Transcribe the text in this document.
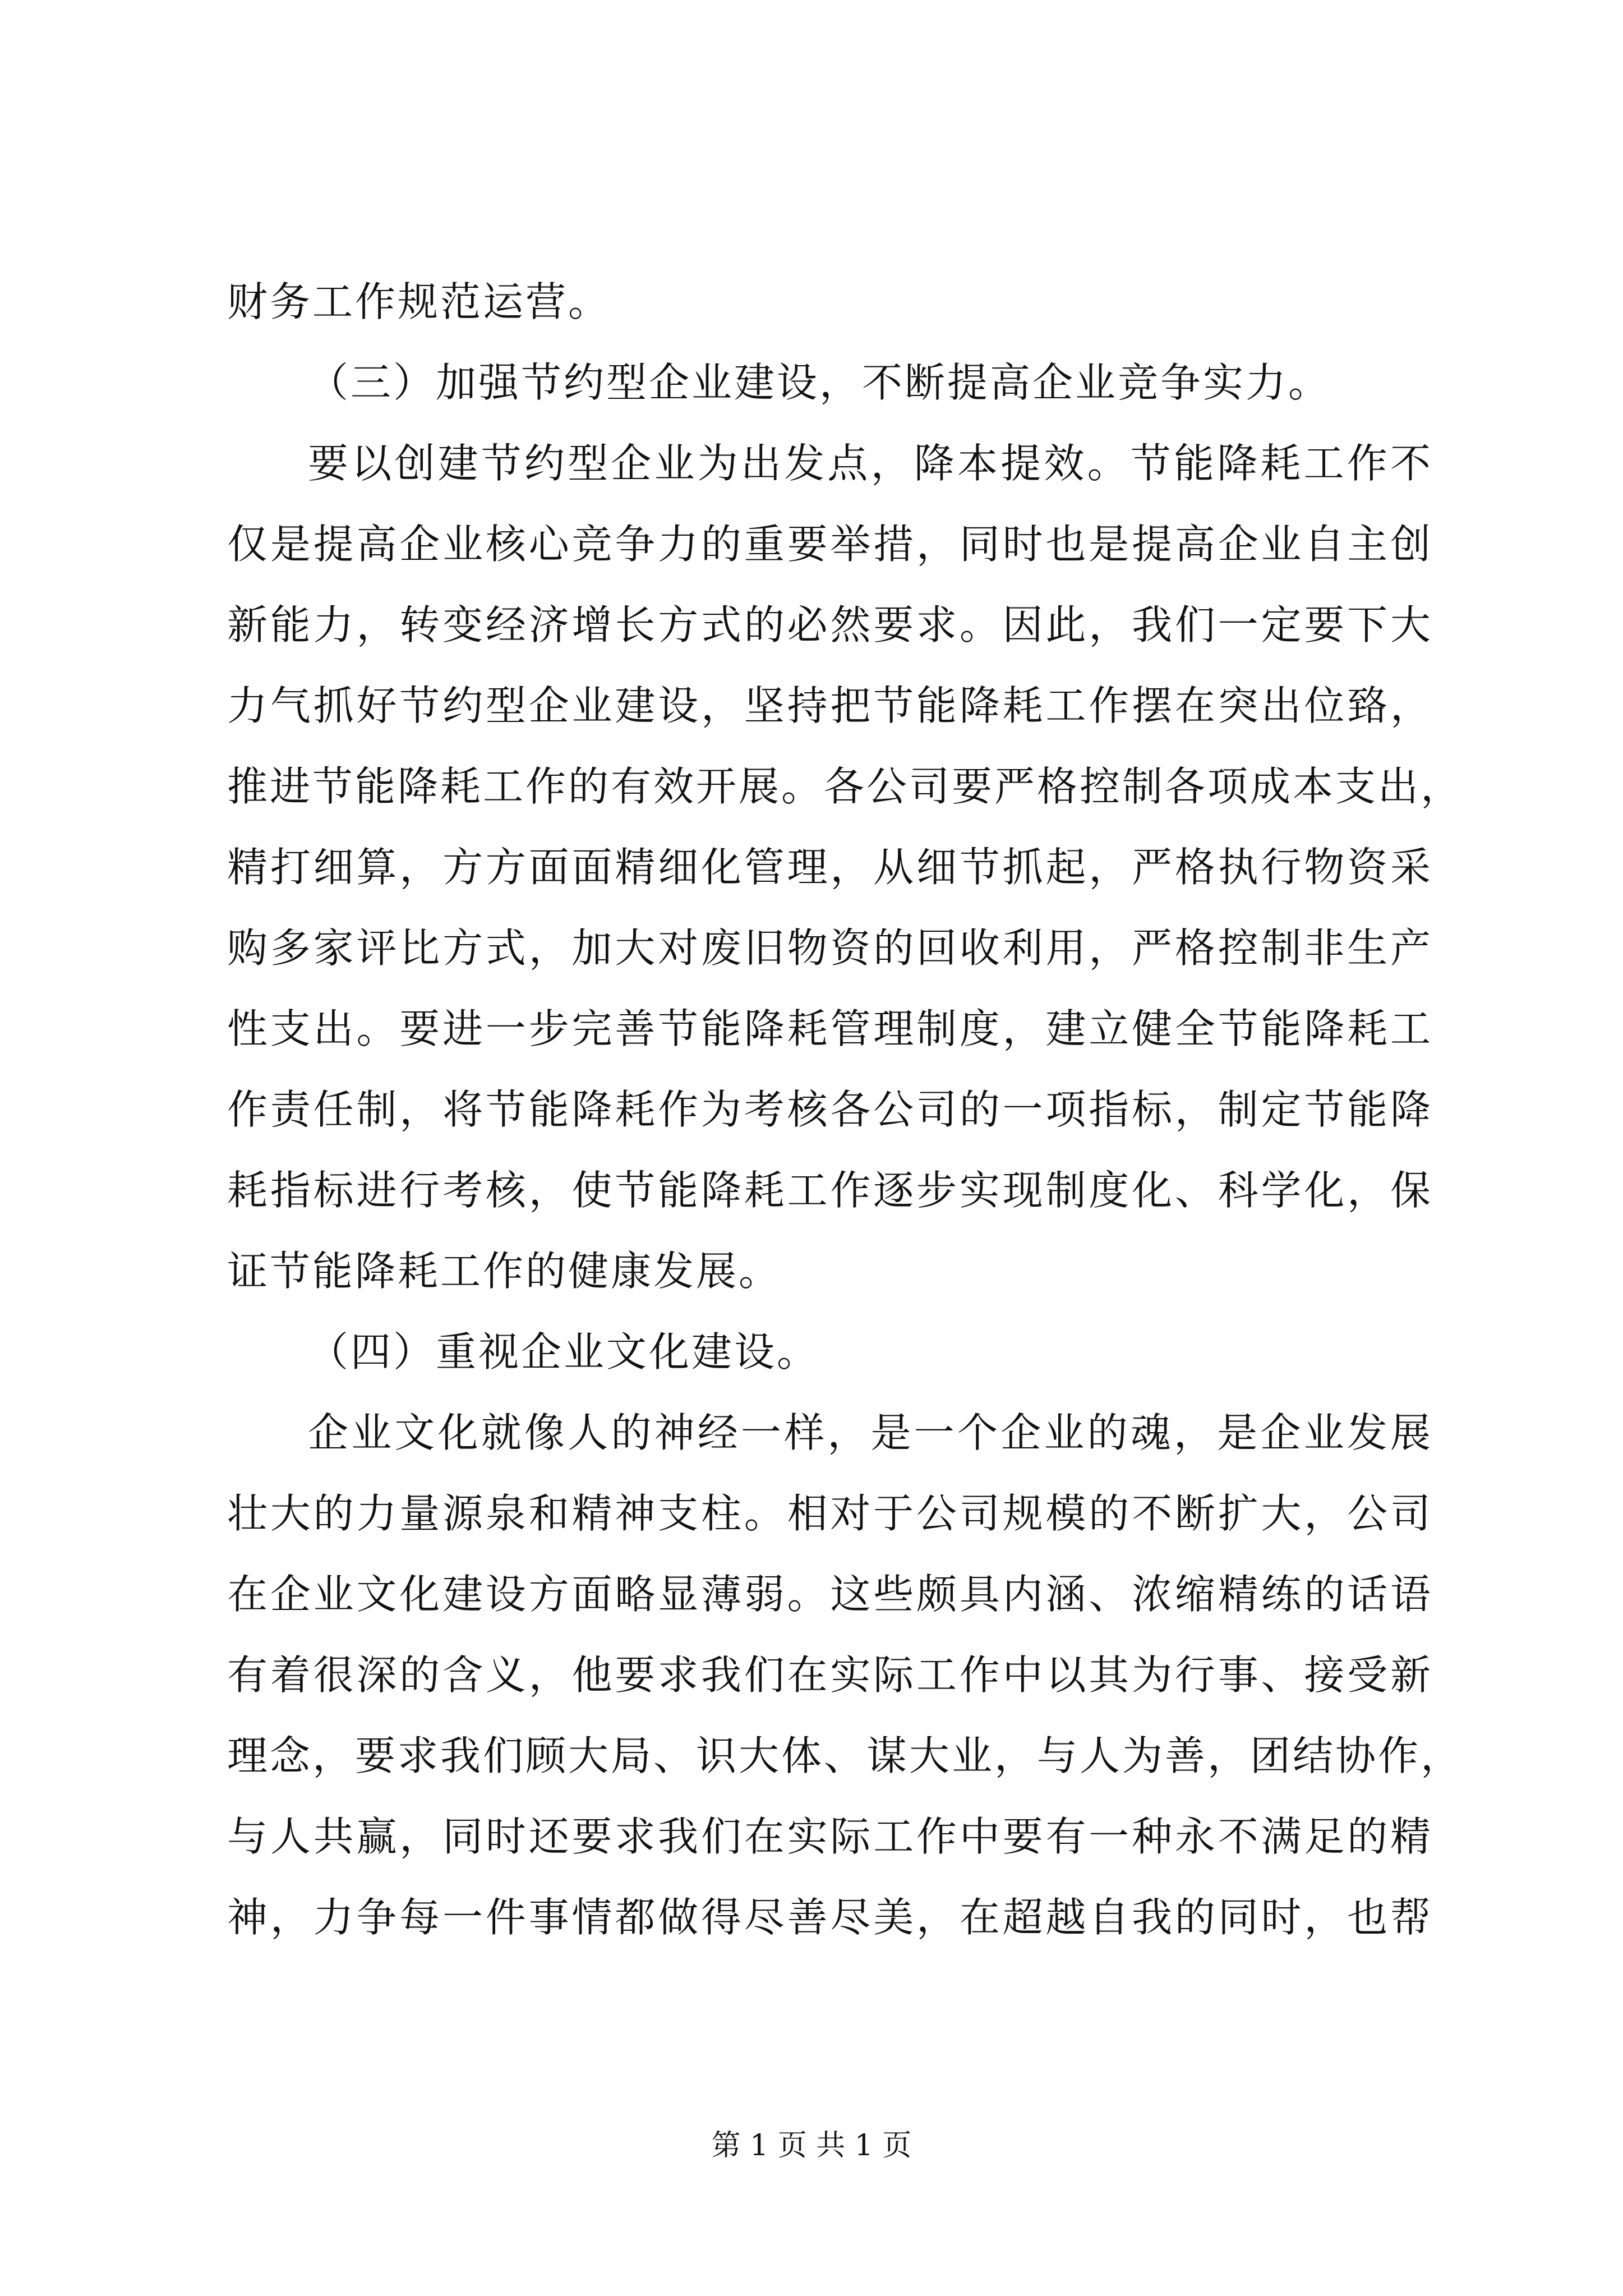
财务工作规范运营。
（三）加强节约型企业建设，不断提高企业竞争实力。
要以创建节约型企业为出发点，降本提效。节能降耗工作不
仅是提高企业核心竞争力的重要举措，同时也是提高企业自主创
新能力，转变经济增长方式的必然要求。因此，我们一定要下大
力气抓好节约型企业建设，坚持把节能降耗工作摆在突出位臵，
推进节能降耗工作的有效开展。各公司要严格控制各项成本支出，
精打细算，方方面面精细化管理，从细节抓起，严格执行物资采
购多家评比方式，加大对废旧物资的回收利用，严格控制非生产
性支出。要进一步完善节能降耗管理制度，建立健全节能降耗工
作责任制，将节能降耗作为考核各公司的一项指标，制定节能降
耗指标进行考核，使节能降耗工作逐步实现制度化、科学化，保
证节能降耗工作的健康发展。
（四）重视企业文化建设。
企业文化就像人的神经一样，是一个企业的魂，是企业发展
壮大的力量源泉和精神支柱。相对于公司规模的不断扩大，公司
在企业文化建设方面略显薄弱。这些颇具内涵、浓缩精练的话语
有着很深的含义，他要求我们在实际工作中以其为行事、接受新
理念，要求我们顾大局、识大体、谋大业，与人为善，团结协作，
与人共赢，同时还要求我们在实际工作中要有一种永不满足的精
神，力争每一件事情都做得尽善尽美，在超越自我的同时，也帮
第 1 页 共 1 页
